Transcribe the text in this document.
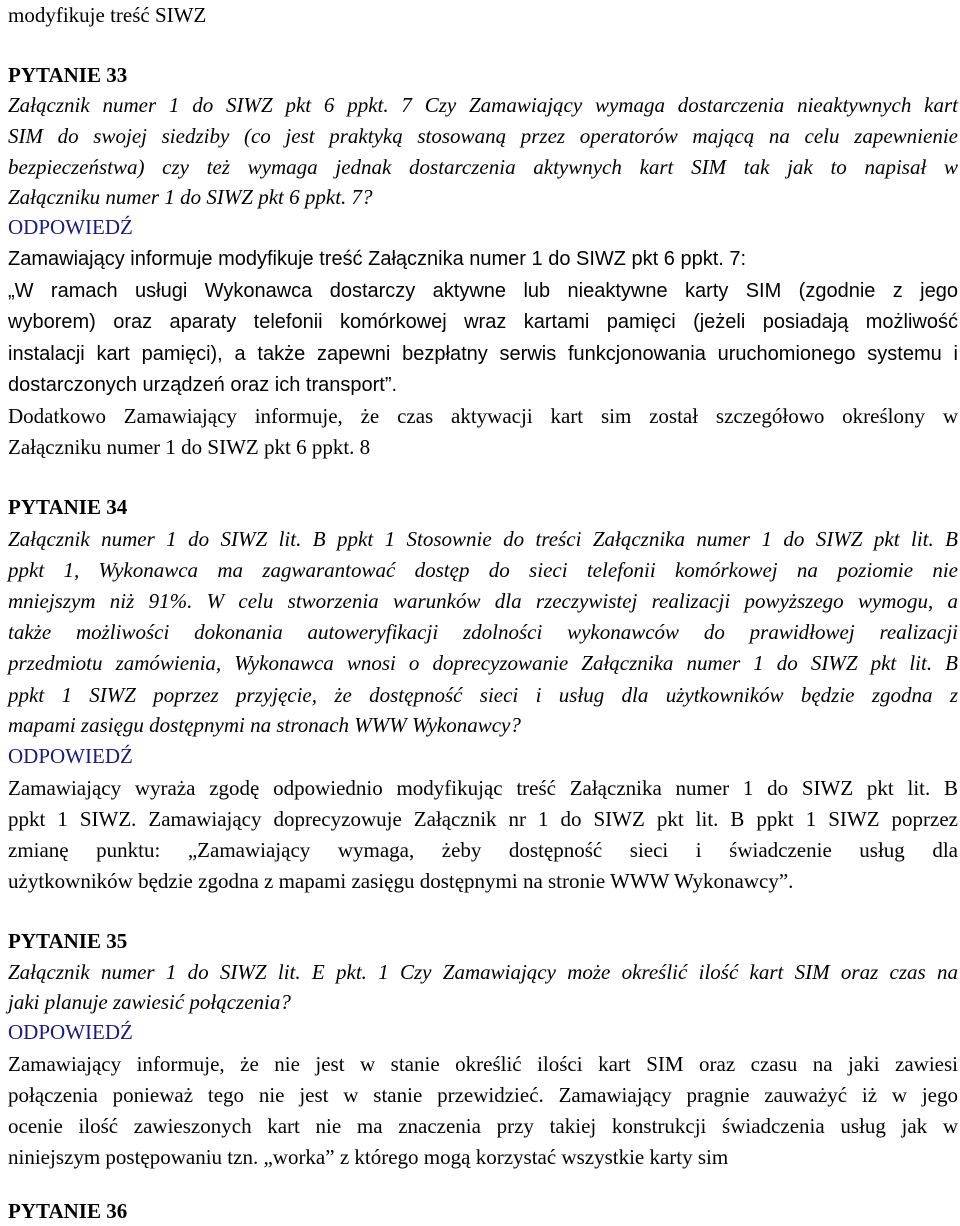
modyfikuje treść SIWZ
PYTANIE 33
Załącznik numer 1 do SIWZ pkt 6 ppkt. 7 Czy Zamawiający wymaga dostarczenia nieaktywnych kart
SIM do swojej siedziby (co jest praktyką stosowaną przez operatorów mającą na celu zapewnienie
bezpieczeństwa) czy też wymaga jednak dostarczenia aktywnych kart SIM tak jak to napisał w
Załączniku numer 1 do SIWZ pkt 6 ppkt. 7?
ODPOWIEDŹ
Zamawiający informuje modyfikuje treść Załącznika numer 1 do SIWZ pkt 6 ppkt. 7:
„W ramach usługi Wykonawca dostarczy aktywne lub nieaktywne karty SIM (zgodnie z jego
wyborem) oraz aparaty telefonii komórkowej wraz kartami pamięci (jeżeli posiadają możliwość
instalacji kart pamięci), a także zapewni bezpłatny serwis funkcjonowania uruchomionego systemu i
dostarczonych urządzeń oraz ich transport”.
Dodatkowo Zamawiający informuje, że czas aktywacji kart sim został szczegółowo określony w
Załączniku numer 1 do SIWZ pkt 6 ppkt. 8
PYTANIE 34
Załącznik numer 1 do SIWZ lit. B ppkt 1 Stosownie do treści Załącznika numer 1 do SIWZ pkt lit. B
ppkt 1, Wykonawca ma zagwarantować dostęp do sieci telefonii komórkowej na poziomie nie
mniejszym niż 91%. W celu stworzenia warunków dla rzeczywistej realizacji powyższego wymogu, a
także możliwości dokonania autoweryfikacji zdolności wykonawców do prawidłowej realizacji
przedmiotu zamówienia, Wykonawca wnosi o doprecyzowanie Załącznika numer 1 do SIWZ pkt lit. B
ppkt 1 SIWZ poprzez przyjęcie, że dostępność sieci i usług dla użytkowników będzie zgodna z
mapami zasięgu dostępnymi na stronach WWW Wykonawcy?
ODPOWIEDŹ
Zamawiający wyraża zgodę odpowiednio modyfikując treść Załącznika numer 1 do SIWZ pkt lit. B
ppkt 1 SIWZ. Zamawiający doprecyzowuje Załącznik nr 1 do SIWZ pkt lit. B ppkt 1 SIWZ poprzez
zmianę punktu: „Zamawiający wymaga, żeby dostępność sieci i świadczenie usług dla
użytkowników będzie zgodna z mapami zasięgu dostępnymi na stronie WWW Wykonawcy”.
PYTANIE 35
Załącznik numer 1 do SIWZ lit. E pkt. 1 Czy Zamawiający może określić ilość kart SIM oraz czas na
jaki planuje zawiesić połączenia?
ODPOWIEDŹ
Zamawiający informuje, że nie jest w stanie określić ilości kart SIM oraz czasu na jaki zawiesi
połączenia ponieważ tego nie jest w stanie przewidzieć. Zamawiający pragnie zauważyć iż w jego
ocenie ilość zawieszonych kart nie ma znaczenia przy takiej konstrukcji świadczenia usług jak w
niniejszym postępowaniu tzn. „worka” z którego mogą korzystać wszystkie karty sim
PYTANIE 36
